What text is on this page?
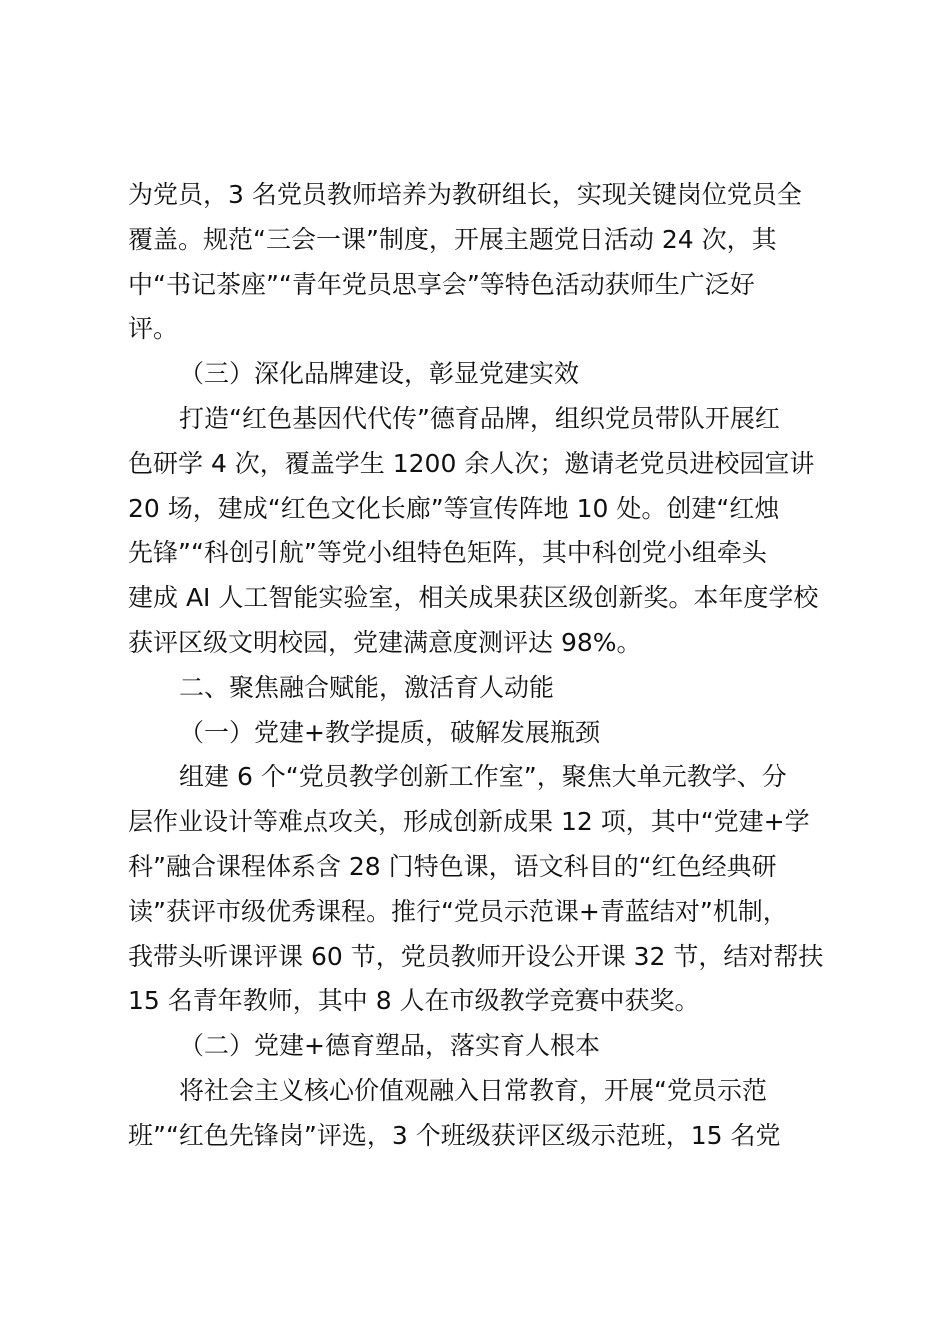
为党员，3 名党员教师培养为教研组长，实现关键岗位党员全
覆盖。规范“三会一课”制度，开展主题党日活动 24 次，其
中“书记茶座”“青年党员思享会”等特色活动获师生广泛好
评。
（三）深化品牌建设，彰显党建实效
打造“红色基因代代传”德育品牌，组织党员带队开展红
色研学 4 次，覆盖学生 1200 余人次；邀请老党员进校园宣讲
20 场，建成“红色文化长廊”等宣传阵地 10 处。创建“红烛
先锋”“科创引航”等党小组特色矩阵，其中科创党小组牵头
建成 AI 人工智能实验室，相关成果获区级创新奖。本年度学校
获评区级文明校园，党建满意度测评达 98%。
二、聚焦融合赋能，激活育人动能
（一）党建+教学提质，破解发展瓶颈
组建 6 个“党员教学创新工作室”，聚焦大单元教学、分
层作业设计等难点攻关，形成创新成果 12 项，其中“党建+学
科”融合课程体系含 28 门特色课，语文科目的“红色经典研
读”获评市级优秀课程。推行“党员示范课+青蓝结对”机制，
我带头听课评课 60 节，党员教师开设公开课 32 节，结对帮扶
15 名青年教师，其中 8 人在市级教学竞赛中获奖。
（二）党建+德育塑品，落实育人根本
将社会主义核心价值观融入日常教育，开展“党员示范
班”“红色先锋岗”评选，3 个班级获评区级示范班，15 名党
